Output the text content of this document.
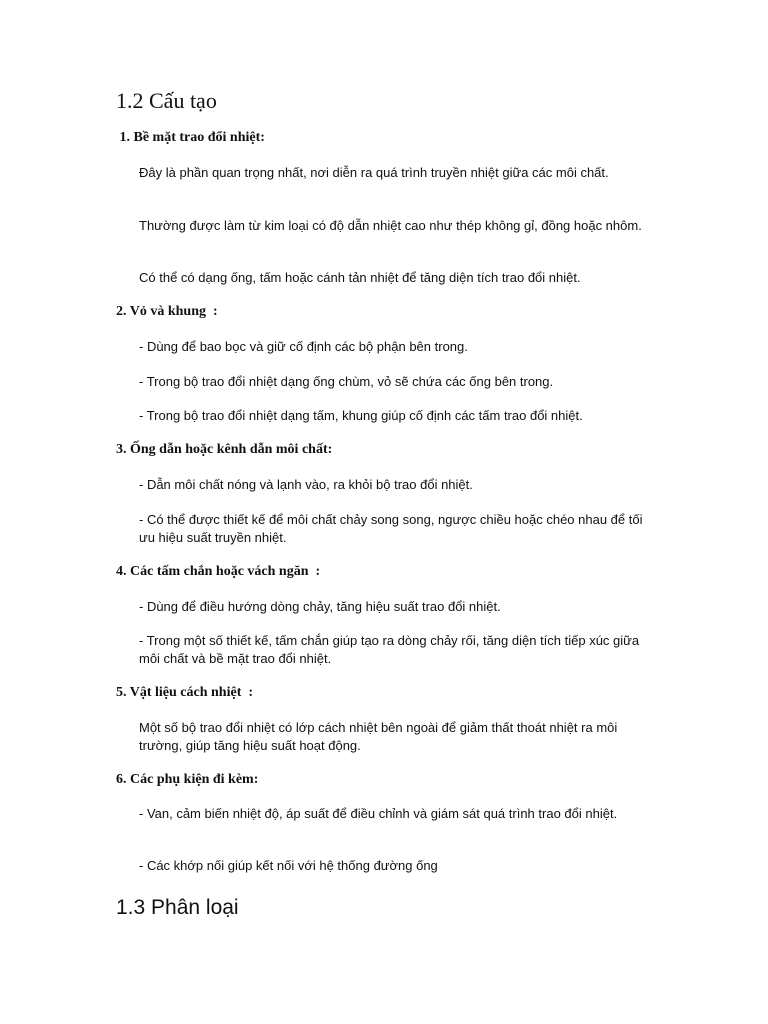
1.2 Cấu tạo
1. Bề mặt trao đổi nhiệt:

Đây là phần quan trọng nhất, nơi diễn ra quá trình truyền nhiệt giữa các môi chất.

Thường được làm từ kim loại có độ dẫn nhiệt cao như thép không gỉ, đồng hoặc nhôm.

Có thể có dạng ống, tấm hoặc cánh tản nhiệt để tăng diện tích trao đổi nhiệt.

2. Vỏ và khung  :

- Dùng để bao bọc và giữ cố định các bộ phận bên trong.

- Trong bộ trao đổi nhiệt dạng ống chùm, vỏ sẽ chứa các ống bên trong.

- Trong bộ trao đổi nhiệt dạng tấm, khung giúp cố định các tấm trao đổi nhiệt.

3. Ống dẫn hoặc kênh dẫn môi chất:

- Dẫn môi chất nóng và lạnh vào, ra khỏi bộ trao đổi nhiệt.

- Có thể được thiết kế để môi chất chảy song song, ngược chiều hoặc chéo nhau để tối ưu hiệu suất truyền nhiệt.

4. Các tấm chắn hoặc vách ngăn  :

- Dùng để điều hướng dòng chảy, tăng hiệu suất trao đổi nhiệt.

- Trong một số thiết kế, tấm chắn giúp tạo ra dòng chảy rối, tăng diện tích tiếp xúc giữa môi chất và bề mặt trao đổi nhiệt.

5. Vật liệu cách nhiệt  :

Một số bộ trao đổi nhiệt có lớp cách nhiệt bên ngoài để giảm thất thoát nhiệt ra môi trường, giúp tăng hiệu suất hoạt động.

6. Các phụ kiện đi kèm:

- Van, cảm biến nhiệt độ, áp suất để điều chỉnh và giám sát quá trình trao đổi nhiệt.

- Các khớp nối giúp kết nối với hệ thống đường ống

1.3 Phân loại
